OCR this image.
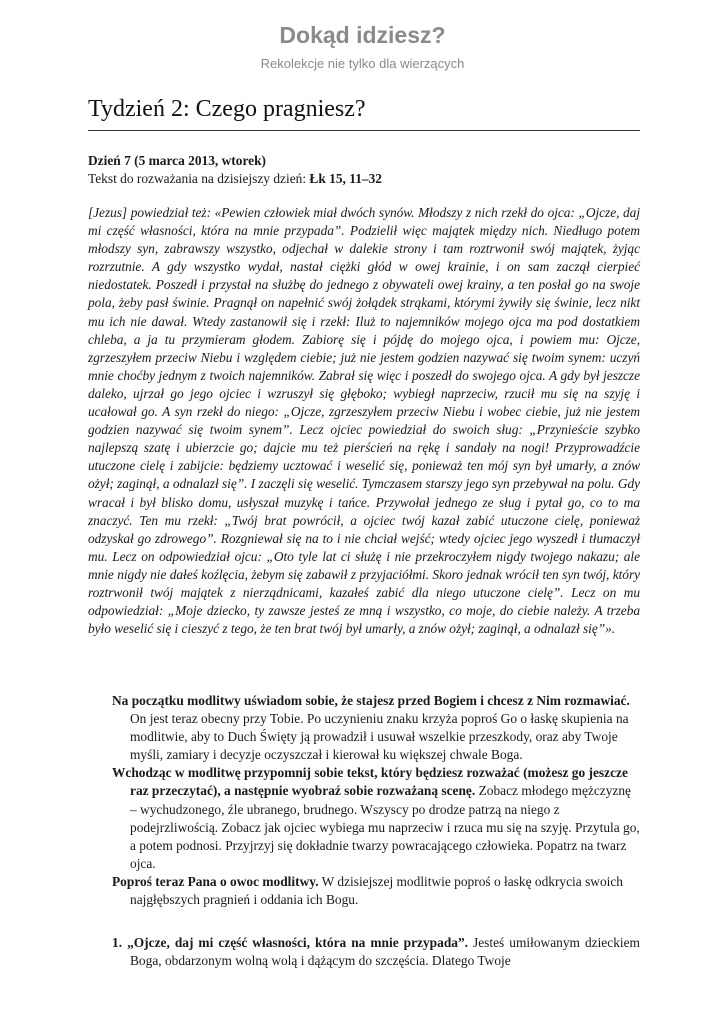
Dokąd idziesz?
Rekolekcje nie tylko dla wierzących
Tydzień 2: Czego pragniesz?
Dzień 7 (5 marca 2013, wtorek)
Tekst do rozważania na dzisiejszy dzień: Łk 15, 11–32

[Jezus] powiedział też: «Pewien człowiek miał dwóch synów. Młodszy z nich rzekł do ojca: „Ojcze, daj mi część własności, która na mnie przypada”. Podzielił więc majątek między nich. Niedługo potem młodszy syn, zabrawszy wszystko, odjechał w dalekie strony i tam roztrwonił swój majątek, żyjąc rozrzutnie. A gdy wszystko wydał, nastał ciężki głód w owej krainie, i on sam zaczął cierpieć niedostatek. Poszedł i przystał na służbę do jednego z obywateli owej krainy, a ten posłał go na swoje pola, żeby pasł świnie. Pragnął on napełnić swój żołądek strąkami, którymi żywiły się świnie, lecz nikt mu ich nie dawał. Wtedy zastanowił się i rzekł: Iluż to najemników mojego ojca ma pod dostatkiem chleba, a ja tu przymieram głodem. Zabiorę się i pójdę do mojego ojca, i powiem mu: Ojcze, zgrzeszyłem przeciw Niebu i względem ciebie; już nie jestem godzien nazywać się twoim synem: uczyń mnie choćby jednym z twoich najemników. Zabrał się więc i poszedł do swojego ojca. A gdy był jeszcze daleko, ujrzał go jego ojciec i wzruszył się głęboko; wybiegł naprzeciw, rzucił mu się na szyję i ucałował go. A syn rzekł do niego: „Ojcze, zgrzeszyłem przeciw Niebu i wobec ciebie, już nie jestem godzien nazywać się twoim synem”. Lecz ojciec powiedział do swoich sług: „Przynieście szybko najlepszą szatę i ubierzcie go; dajcie mu też pierścień na rękę i sandały na nogi! Przyprowadźcie utuczone cielę i zabijcie: będziemy ucztować i weselić się, ponieważ ten mój syn był umarły, a znów ożył; zaginął, a odnalazł się”. I zaczęli się weselić. Tymczasem starszy jego syn przebywał na polu. Gdy wracał i był blisko domu, usłyszał muzykę i tańce. Przywołał jednego ze sług i pytał go, co to ma znaczyć. Ten mu rzekł: „Twój brat powrócił, a ojciec twój kazał zabić utuczone cielę, ponieważ odzyskał go zdrowego”. Rozgniewał się na to i nie chciał wejść; wtedy ojciec jego wyszedł i tłumaczył mu. Lecz on odpowiedział ojcu: „Oto tyle lat ci służę i nie przekroczyłem nigdy twojego nakazu; ale mnie nigdy nie dałeś koźlęcia, żebym się zabawił z przyjaciółmi. Skoro jednak wrócił ten syn twój, który roztrwonił twój majątek z nierządnicami, kazałeś zabić dla niego utuczone cielę”. Lecz on mu odpowiedział: „Moje dziecko, ty zawsze jesteś ze mną i wszystko, co moje, do ciebie należy. A trzeba było weselić się i cieszyć z tego, że ten brat twój był umarły, a znów ożył; zaginął, a odnalazł się”».

Na początku modlitwy uświadom sobie, że stajesz przed Bogiem i chcesz z Nim rozmawiać. On jest teraz obecny przy Tobie. Po uczynieniu znaku krzyża poproś Go o łaskę skupienia na modlitwie, aby to Duch Święty ją prowadził i usuwał wszelkie przeszkody, oraz aby Twoje myśli, zamiary i decyzje oczyszczał i kierował ku większej chwale Boga.

Wchodząc w modlitwę przypomnij sobie tekst, który będziesz rozważać (możesz go jeszcze raz przeczytać), a następnie wyobraź sobie rozważaną scenę. Zobacz młodego mężczyznę – wychudzonego, źle ubranego, brudnego. Wszyscy po drodze patrzą na niego z podejrzliwością. Zobacz jak ojciec wybiega mu naprzeciw i rzuca mu się na szyję. Przytula go, a potem podnosi. Przyjrzyj się dokładnie twarzy powracającego człowieka. Popatrz na twarz ojca.

Poproś teraz Pana o owoc modlitwy. W dzisiejszej modlitwie poproś o łaskę odkrycia swoich najgłębszych pragnień i oddania ich Bogu.

1. „Ojcze, daj mi część własności, która na mnie przypada”. Jesteś umiłowanym dzieckiem Boga, obdarzonym wolną wolą i dążącym do szczęścia. Dlatego Twoje
